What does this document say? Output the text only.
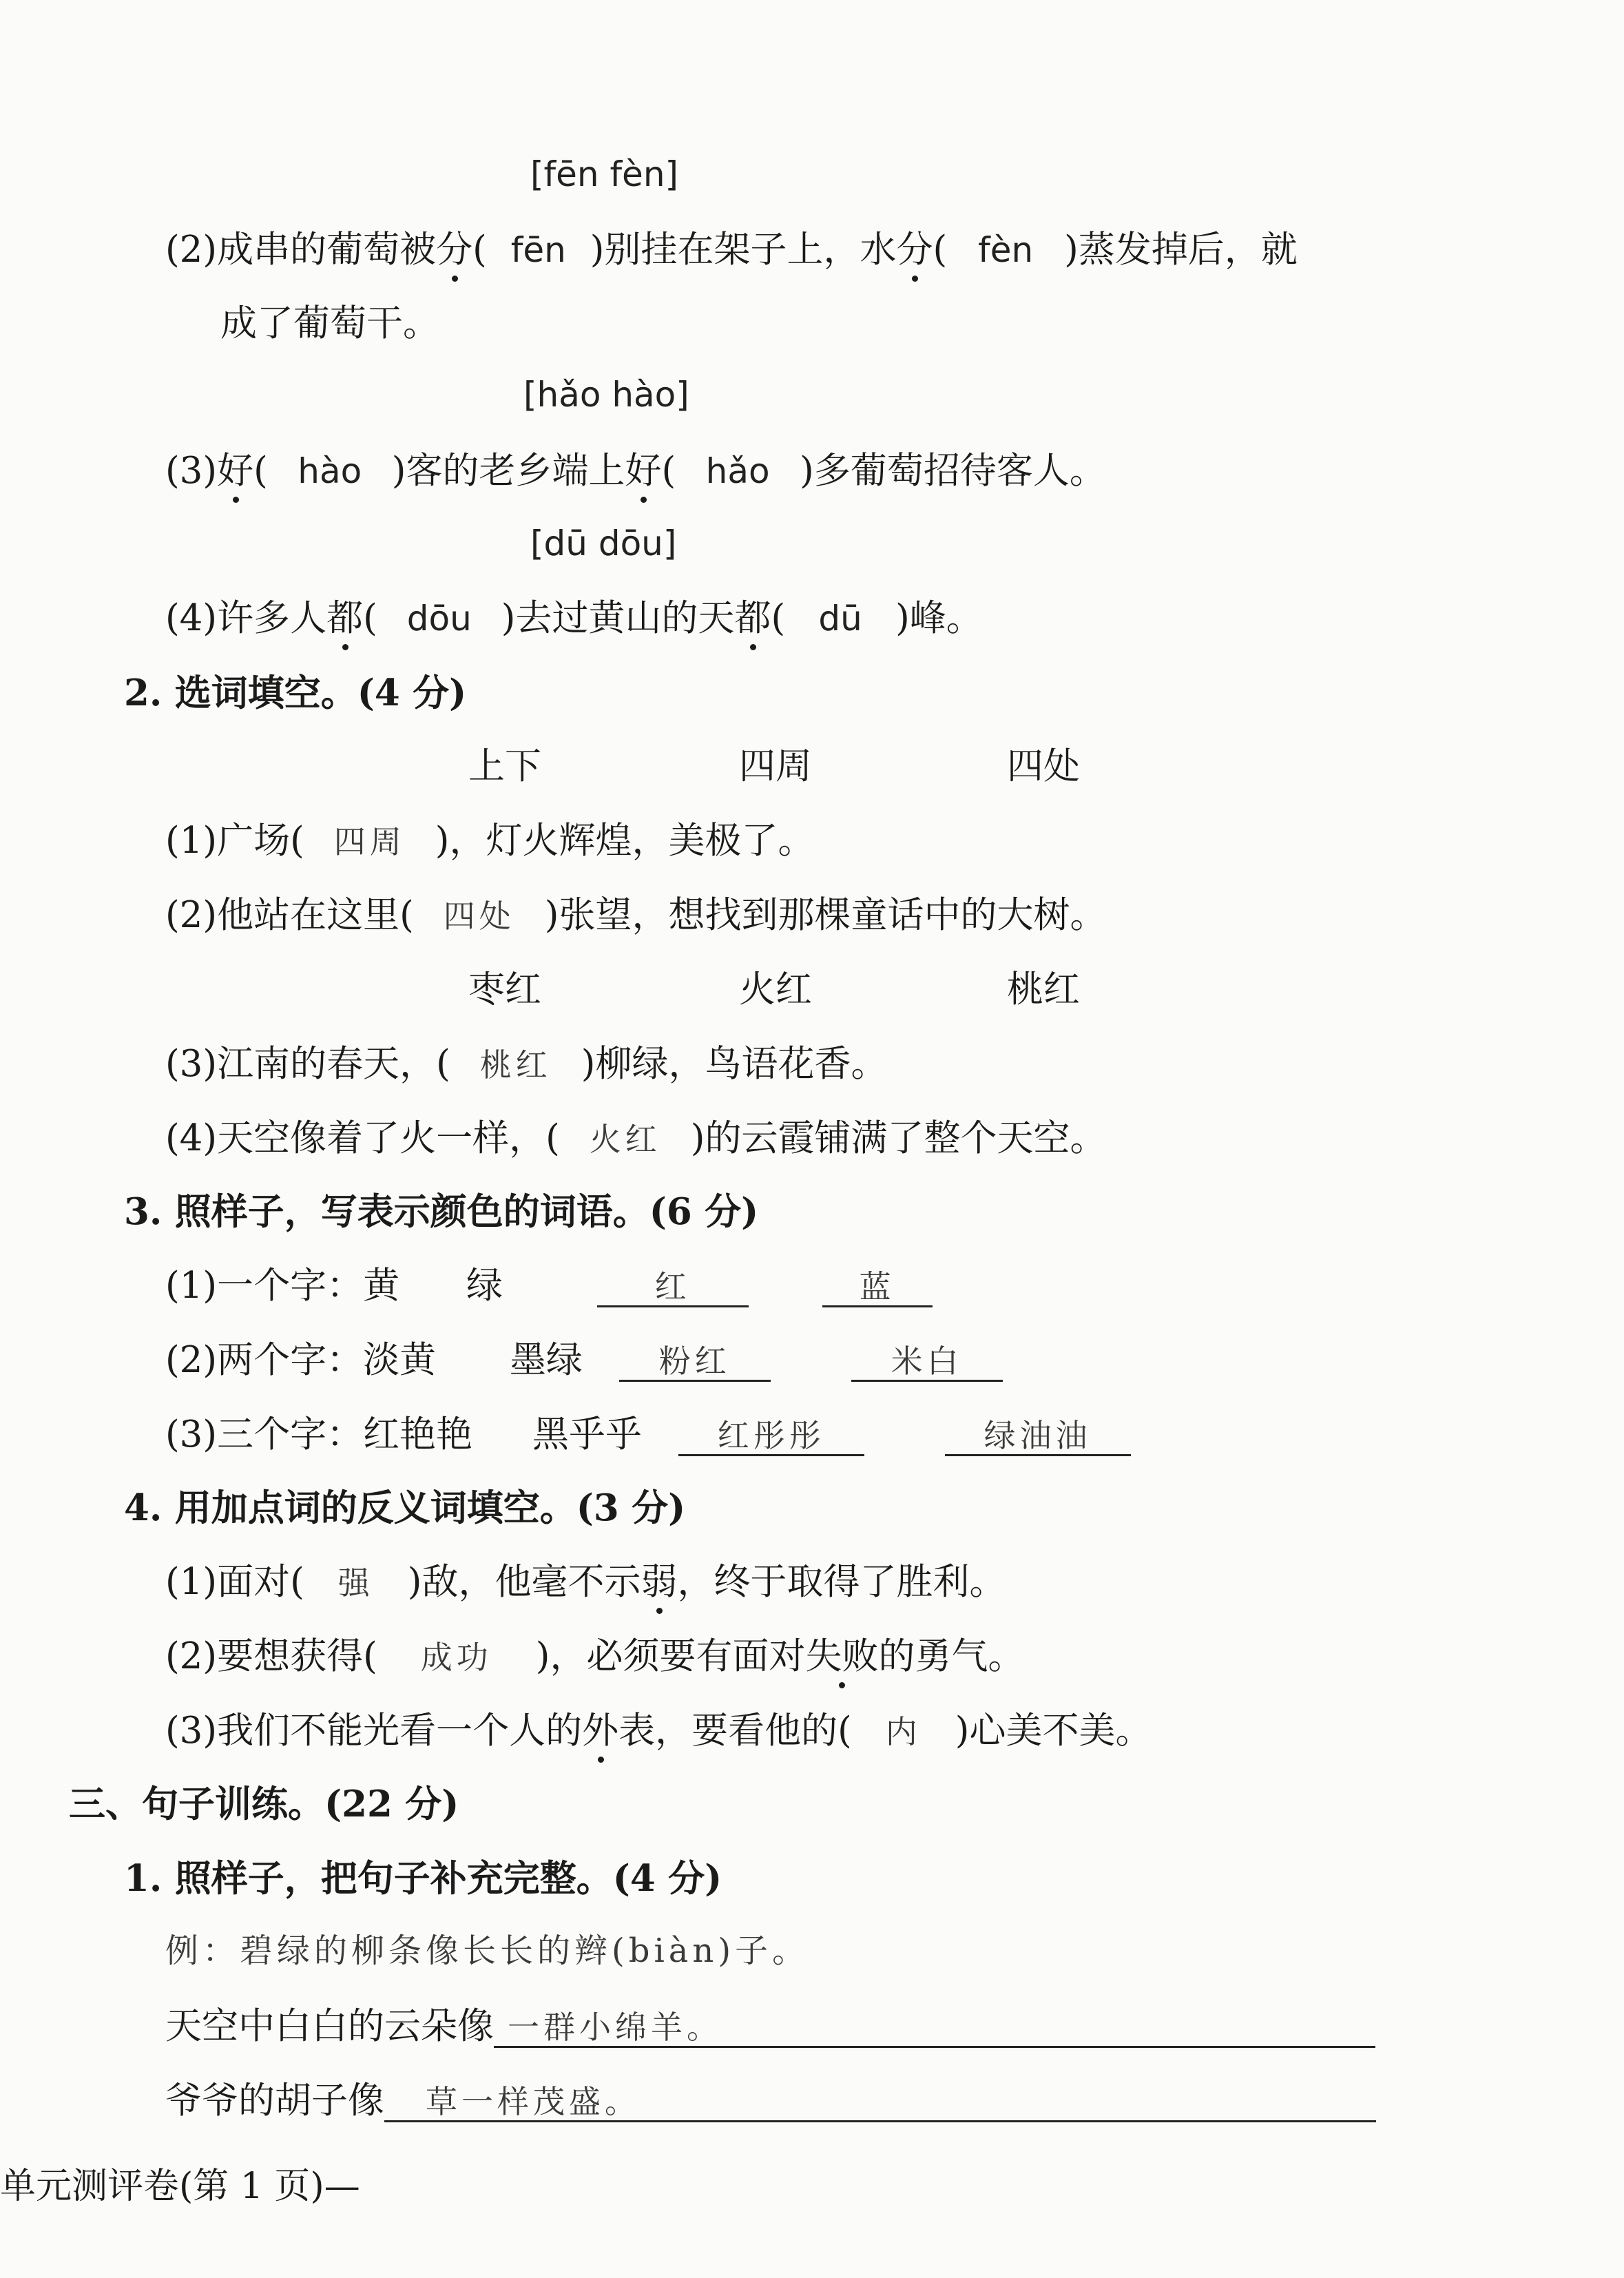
[fēn fèn]
(2)成串的葡萄被分( fēn )别挂在架子上，水分( fèn )蒸发掉后，就
成了葡萄干。
[hǎo hào]
(3)好( hào )客的老乡端上好( hǎo )多葡萄招待客人。
[dū dōu]
(4)许多人都( dōu )去过黄山的天都( dū )峰。
2. 选词填空。(4 分)
上下	四周	四处
(1)广场( 四周 )，灯火辉煌，美极了。
(2)他站在这里( 四处 )张望，想找到那棵童话中的大树。
枣红	火红	桃红
(3)江南的春天，( 桃红 )柳绿，鸟语花香。
(4)天空像着了火一样，( 火红 )的云霞铺满了整个天空。
3. 照样子，写表示颜色的词语。(6 分)
(1)一个字：黄 绿	红	蓝
(2)两个字：淡黄 墨绿 粉红	米白
(3)三个字：红艳艳 黑乎乎 红彤彤	绿油油
4. 用加点词的反义词填空。(3 分)
(1)面对( 强 )敌，他毫不示弱，终于取得了胜利。
(2)要想获得( 成功 )，必须要有面对失败的勇气。
(3)我们不能光看一个人的外表，要看他的( 内 )心美不美。
三、句子训练。(22 分)
1. 照样子，把句子补充完整。(4 分)
例：碧绿的柳条像长长的辫(biàn)子。
天空中白白的云朵像 一群小绵羊。
爷爷的胡子像 草一样茂盛。
单元测评卷(第 1 页)—
